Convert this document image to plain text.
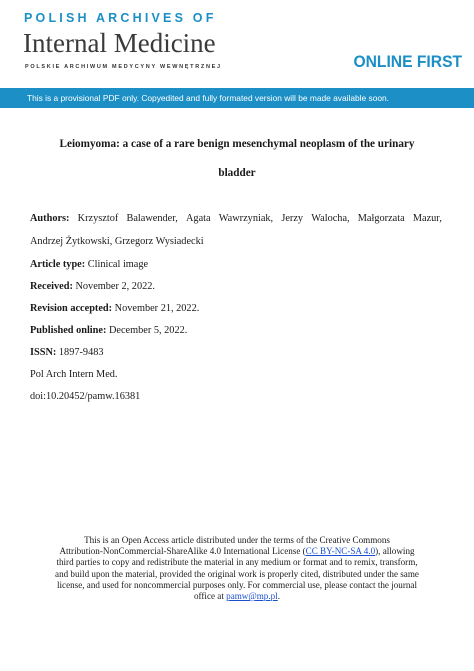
POLISH ARCHIVES OF
Internal Medicine
POLSKIE ARCHIWUM MEDYCYNY WEWNĘTRZNEJ	ONLINE FIRST
This is a provisional PDF only. Copyedited and fully formated version will be made available soon.
Leiomyoma: a case of a rare benign mesenchymal neoplasm of the urinary
bladder
Authors: Krzysztof Balawender, Agata Wawrzyniak, Jerzy Walocha, Małgorzata Mazur,
Andrzej Żytkowski, Grzegorz Wysiadecki
Article type: Clinical image
Received: November 2, 2022.
Revision accepted: November 21, 2022.
Published online: December 5, 2022.
ISSN: 1897-9483
Pol Arch Intern Med.
doi:10.20452/pamw.16381
This is an Open Access article distributed under the terms of the Creative Commons
Attribution-NonCommercial-ShareAlike 4.0 International License (CC BY-NC-SA 4.0), allowing
third parties to copy and redistribute the material in any medium or format and to remix, transform,
and build upon the material, provided the original work is properly cited, distributed under the same
license, and used for noncommercial purposes only. For commercial use, please contact the journal
office at pamw@mp.pl.
